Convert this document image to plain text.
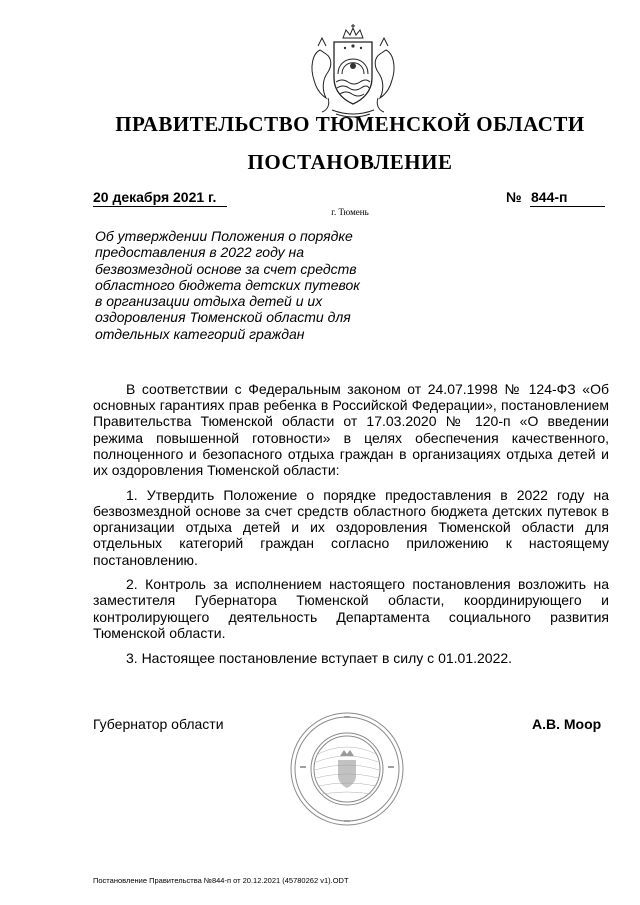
ПРАВИТЕЛЬСТВО ТЮМЕНСКОЙ ОБЛАСТИ
ПОСТАНОВЛЕНИЕ
20 декабря 2021 г.	№ 844-п
г. Тюмень
Об утверждении Положения о порядке предоставления в 2022 году на безвозмездной основе за счет средств областного бюджета детских путевок в организации отдыха детей и их оздоровления Тюменской области для отдельных категорий граждан

В соответствии с Федеральным законом от 24.07.1998 № 124-ФЗ «Об основных гарантиях прав ребенка в Российской Федерации», постановлением Правительства Тюменской области от 17.03.2020 № 120-п «О введении режима повышенной готовности» в целях обеспечения качественного, полноценного и безопасного отдыха граждан в организациях отдыха детей и их оздоровления Тюменской области:

1. Утвердить Положение о порядке предоставления в 2022 году на безвозмездной основе за счет средств областного бюджета детских путевок в организации отдыха детей и их оздоровления Тюменской области для отдельных категорий граждан согласно приложению к настоящему постановлению.

2. Контроль за исполнением настоящего постановления возложить на заместителя Губернатора Тюменской области, координирующего и контролирующего деятельность Департамента социального развития Тюменской области.

3. Настоящее постановление вступает в силу с 01.01.2022.

Губернатор области	А.В. Моор
Постановление Правительства №844-п от 20.12.2021 (45780262 v1).ODT
